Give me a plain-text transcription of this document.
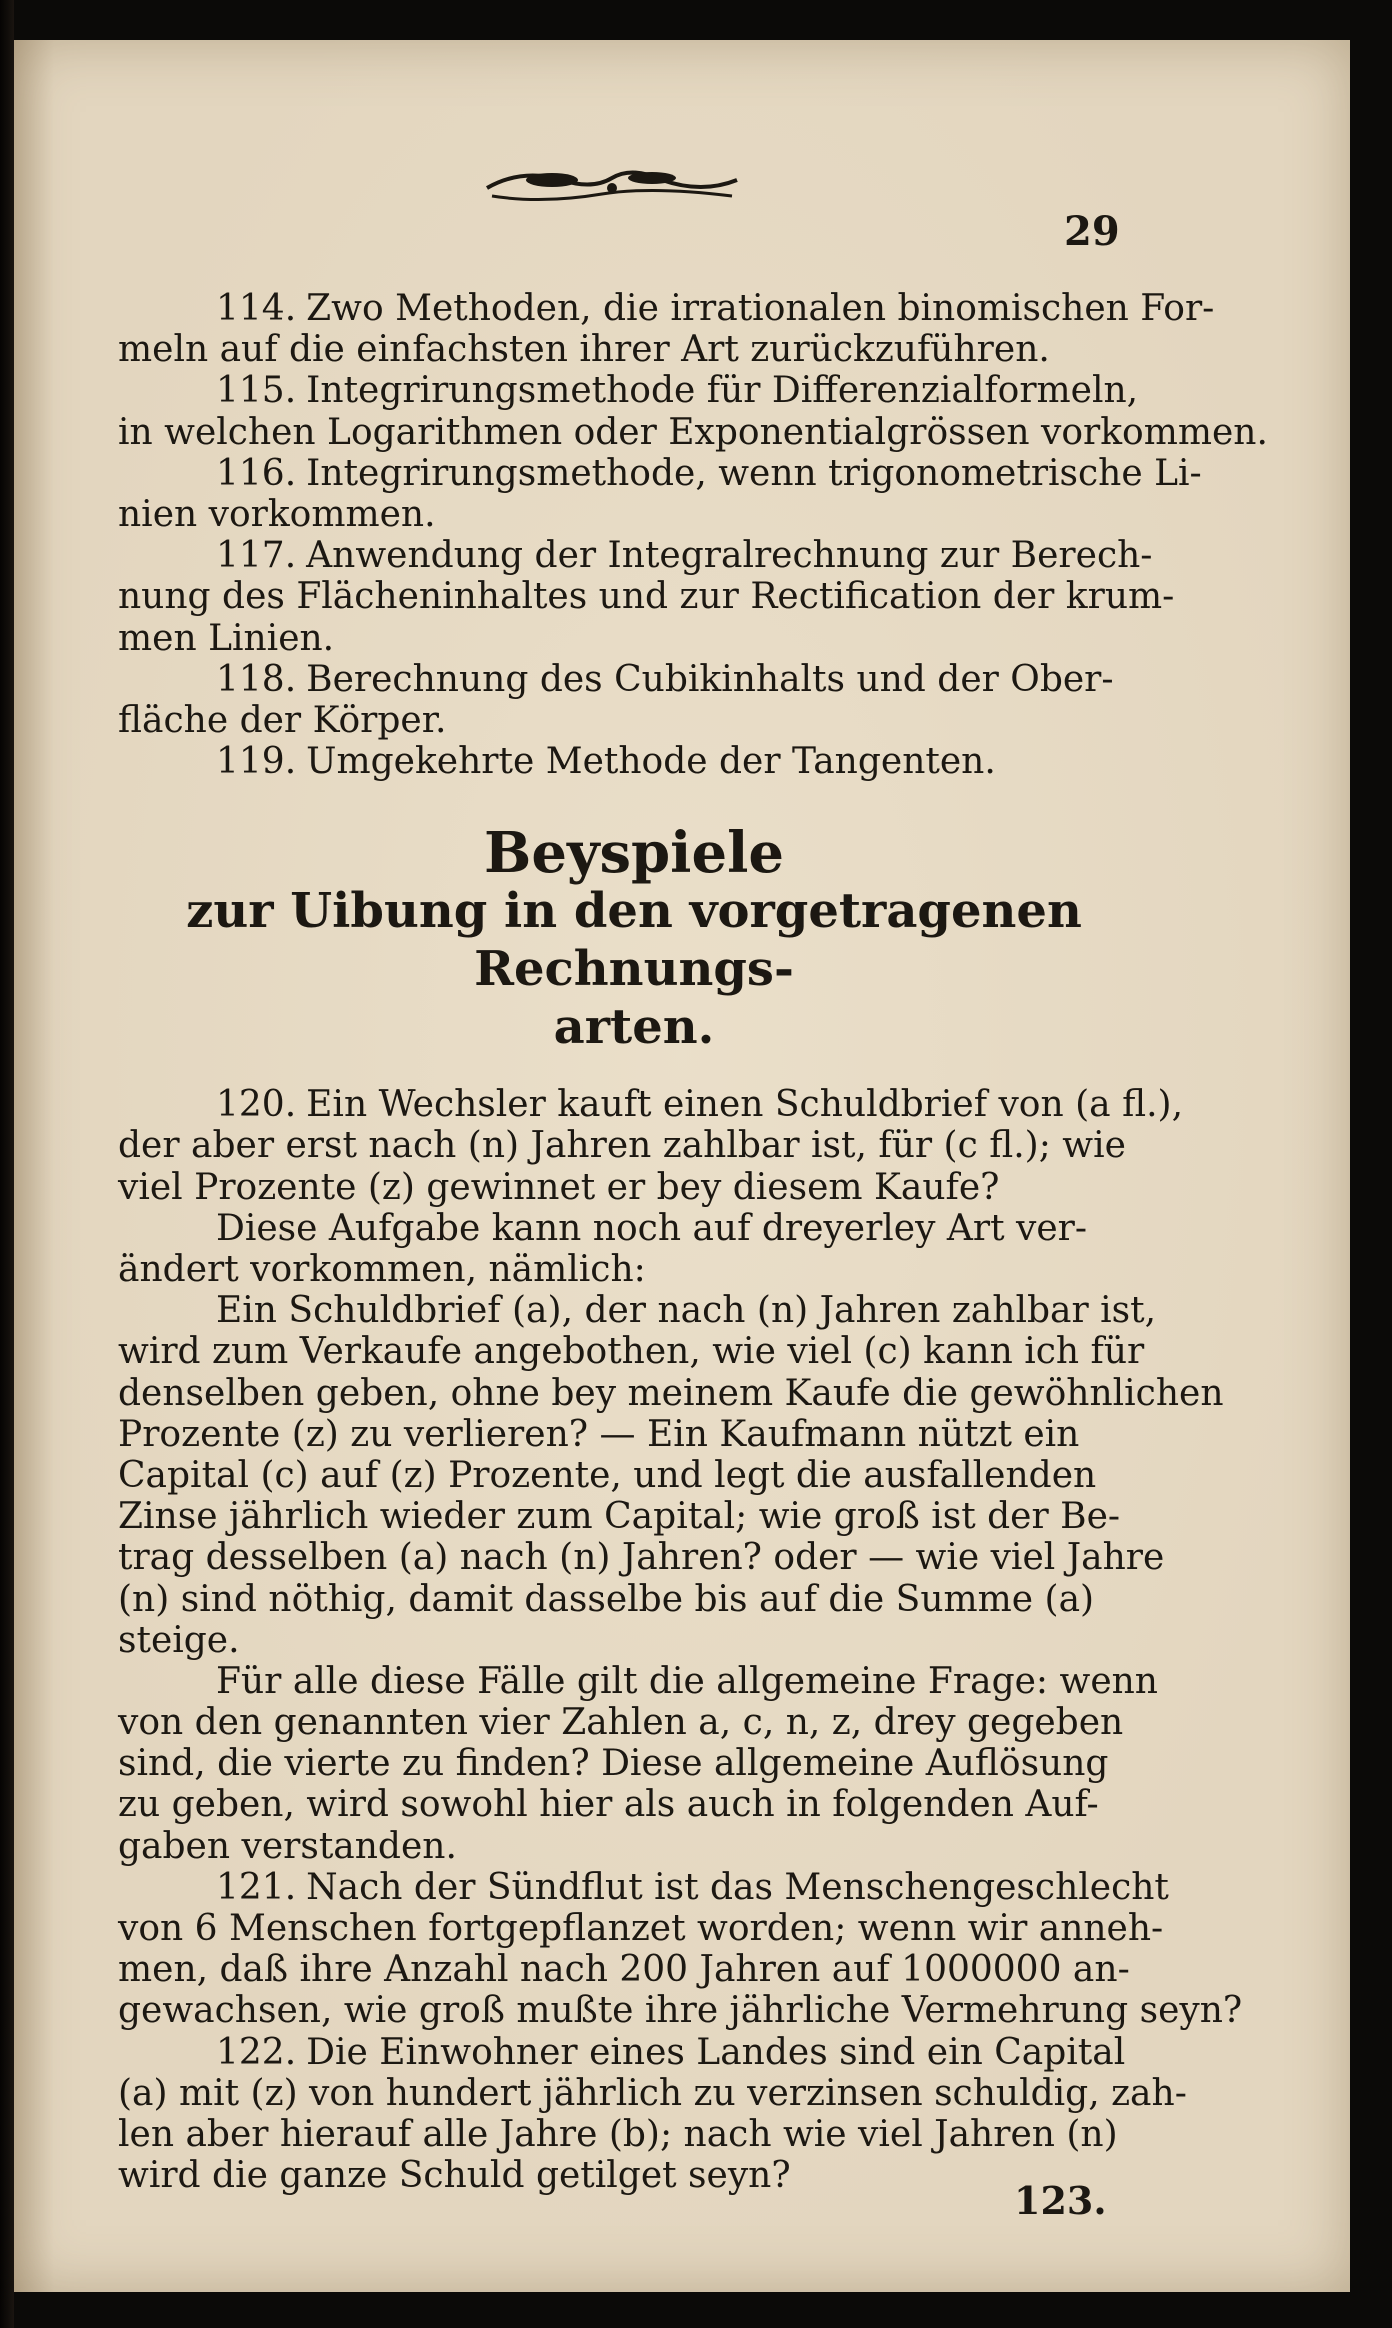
29
114. Zwo Methoden, die irrationalen binomischen For-
meln auf die einfachsten ihrer Art zurückzuführen.
115. Integrirungsmethode für Differenzialformeln,
in welchen Logarithmen oder Exponentialgrössen vorkommen.
116. Integrirungsmethode, wenn trigonometrische Li-
nien vorkommen.
117. Anwendung der Integralrechnung zur Berech-
nung des Flächeninhaltes und zur Rectification der krum-
men Linien.
118. Berechnung des Cubikinhalts und der Ober-
fläche der Körper.
119. Umgekehrte Methode der Tangenten.
Beyspiele
zur Uibung in den vorgetragenen Rechnungs-
arten.
120. Ein Wechsler kauft einen Schuldbrief von (a fl.),
der aber erst nach (n) Jahren zahlbar ist, für (c fl.); wie
viel Prozente (z) gewinnet er bey diesem Kaufe?
Diese Aufgabe kann noch auf dreyerley Art ver-
ändert vorkommen, nämlich:
Ein Schuldbrief (a), der nach (n) Jahren zahlbar ist,
wird zum Verkaufe angebothen, wie viel (c) kann ich für
denselben geben, ohne bey meinem Kaufe die gewöhnlichen
Prozente (z) zu verlieren? — Ein Kaufmann nützt ein
Capital (c) auf (z) Prozente, und legt die ausfallenden
Zinse jährlich wieder zum Capital; wie groß ist der Be-
trag desselben (a) nach (n) Jahren? oder — wie viel Jahre
(n) sind nöthig, damit dasselbe bis auf die Summe (a)
steige.
Für alle diese Fälle gilt die allgemeine Frage: wenn
von den genannten vier Zahlen a, c, n, z, drey gegeben
sind, die vierte zu finden? Diese allgemeine Auflösung
zu geben, wird sowohl hier als auch in folgenden Auf-
gaben verstanden.
121. Nach der Sündflut ist das Menschengeschlecht
von 6 Menschen fortgepflanzet worden; wenn wir anneh-
men, daß ihre Anzahl nach 200 Jahren auf 1000000 an-
gewachsen, wie groß mußte ihre jährliche Vermehrung seyn?
122. Die Einwohner eines Landes sind ein Capital
(a) mit (z) von hundert jährlich zu verzinsen schuldig, zah-
len aber hierauf alle Jahre (b); nach wie viel Jahren (n)
wird die ganze Schuld getilget seyn?
123.
